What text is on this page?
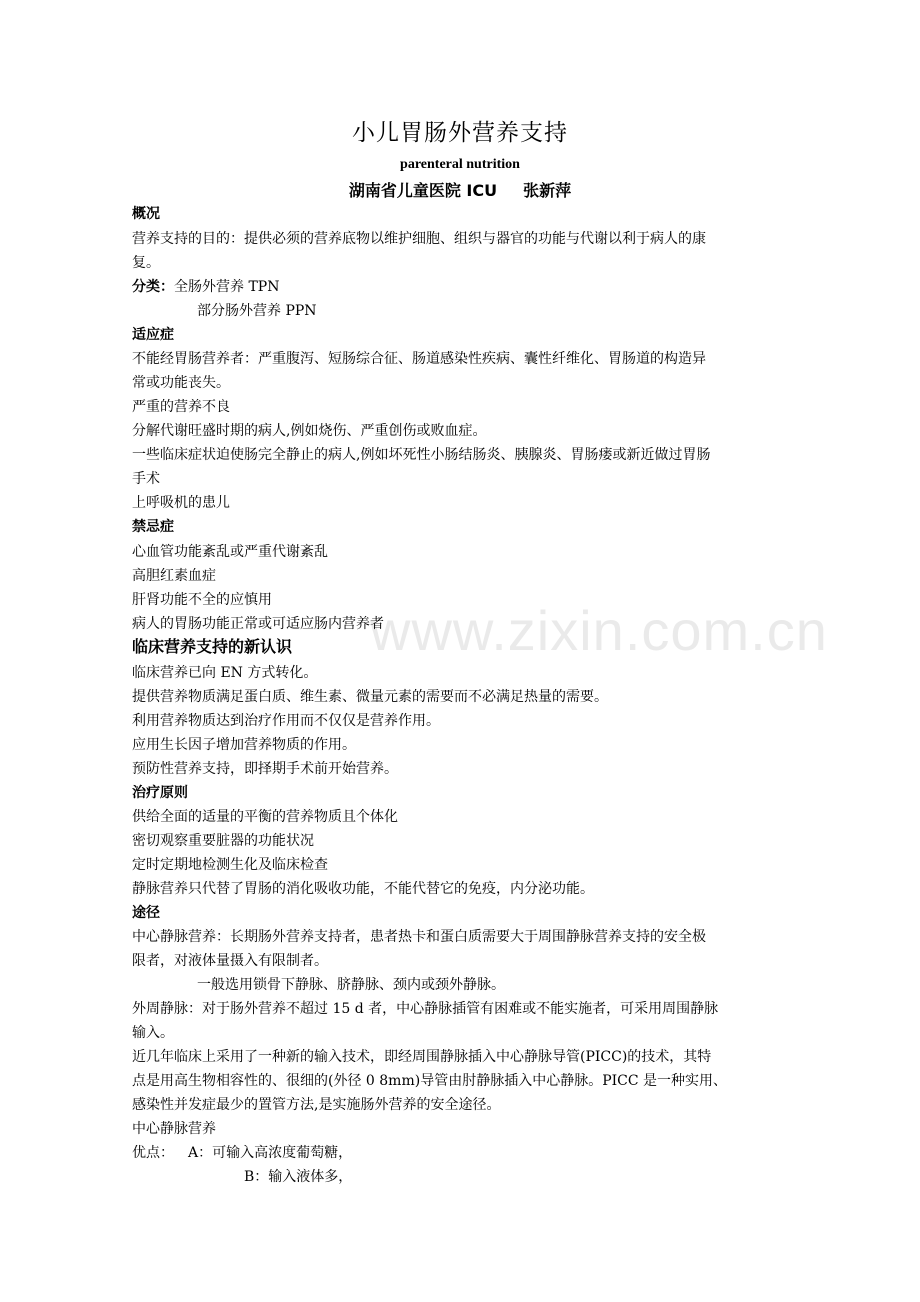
小儿胃肠外营养支持
parenteral nutrition
湖南省儿童医院 ICU 张新萍
www.zixin.com.cn
概况
营养支持的目的：提供必须的营养底物以维护细胞、组织与器官的功能与代谢以利于病人的康
复。
分类：全肠外营养 TPN
部分肠外营养 PPN
适应症
不能经胃肠营养者：严重腹泻、短肠综合征、肠道感染性疾病、囊性纤维化、胃肠道的构造异
常或功能丧失。
严重的营养不良
分解代谢旺盛时期的病人,例如烧伤、严重创伤或败血症。
一些临床症状迫使肠完全静止的病人,例如坏死性小肠结肠炎、胰腺炎、胃肠瘘或新近做过胃肠
手术
上呼吸机的患儿
禁忌症
心血管功能紊乱或严重代谢紊乱
高胆红素血症
肝肾功能不全的应慎用
病人的胃肠功能正常或可适应肠内营养者
临床营养支持的新认识
临床营养已向 EN 方式转化。
提供营养物质满足蛋白质、维生素、微量元素的需要而不必满足热量的需要。
利用营养物质达到治疗作用而不仅仅是营养作用。
应用生长因子增加营养物质的作用。
预防性营养支持，即择期手术前开始营养。
治疗原则
供给全面的适量的平衡的营养物质且个体化
密切观察重要脏器的功能状况
定时定期地检测生化及临床检查
静脉营养只代替了胃肠的消化吸收功能，不能代替它的免疫，内分泌功能。
途径
中心静脉营养：长期肠外营养支持者，患者热卡和蛋白质需要大于周围静脉营养支持的安全极
限者，对液体量摄入有限制者。
一般选用锁骨下静脉、脐静脉、颈内或颈外静脉。
外周静脉：对于肠外营养不超过 15 d 者，中心静脉插管有困难或不能实施者，可采用周围静脉
输入。
近几年临床上采用了一种新的输入技术，即经周围静脉插入中心静脉导管(PICC)的技术，其特
点是用高生物相容性的、很细的(外径 0 8mm)导管由肘静脉插入中心静脉。PICC 是一种实用、
感染性并发症最少的置管方法,是实施肠外营养的安全途径。
中心静脉营养
优点： A：可输入高浓度葡萄糖，
B：输入液体多，
